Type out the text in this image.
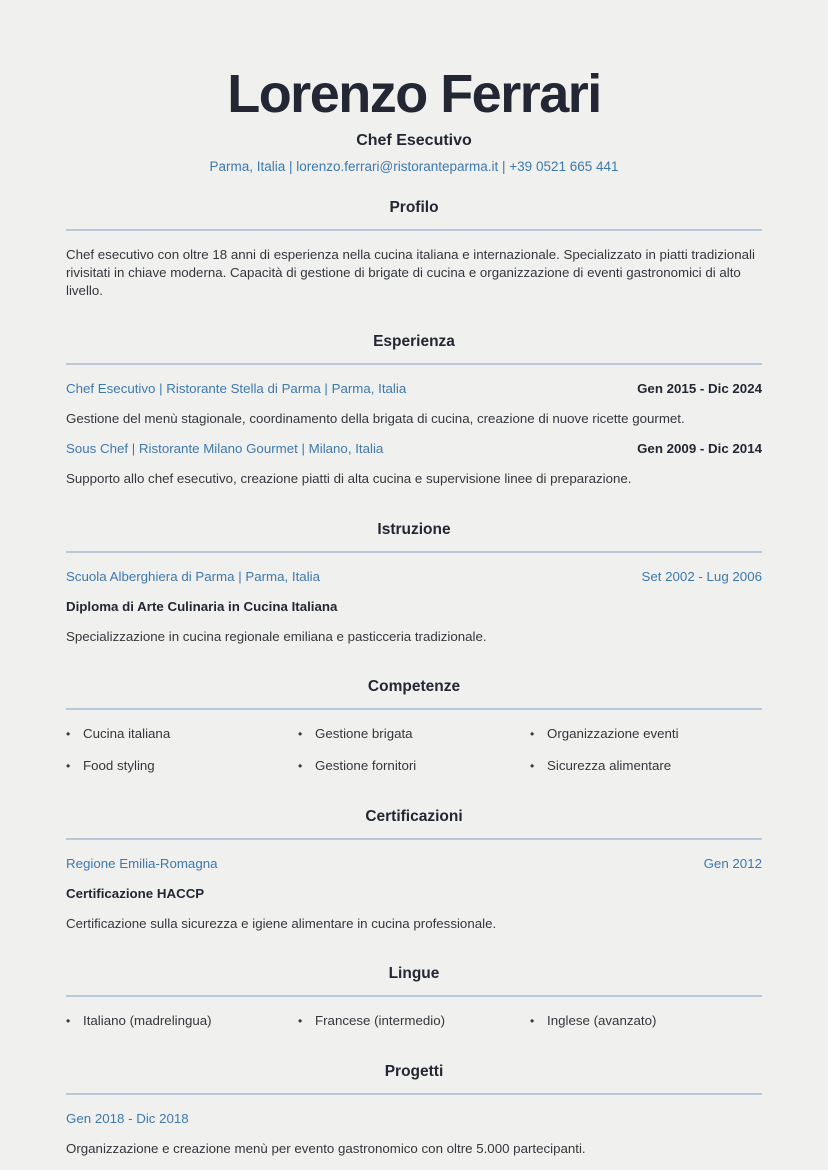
Lorenzo Ferrari
Chef Esecutivo
Parma, Italia | lorenzo.ferrari@ristoranteparma.it | +39 0521 665 441
Profilo

Chef esecutivo con oltre 18 anni di esperienza nella cucina italiana e internazionale. Specializzato in piatti tradizionali rivisitati in chiave moderna. Capacità di gestione di brigate di cucina e organizzazione di eventi gastronomici di alto livello.

Esperienza
Chef Esecutivo | Ristorante Stella di Parma | Parma, Italia	Gen 2015 - Dic 2024
Gestione del menù stagionale, coordinamento della brigata di cucina, creazione di nuove ricette gourmet.
Sous Chef | Ristorante Milano Gourmet | Milano, Italia	Gen 2009 - Dic 2014
Supporto allo chef esecutivo, creazione piatti di alta cucina e supervisione linee di preparazione.
Istruzione
Scuola Alberghiera di Parma | Parma, Italia	Set 2002 - Lug 2006
Diploma di Arte Culinaria in Cucina Italiana
Specializzazione in cucina regionale emiliana e pasticceria tradizionale.
Competenze
• Cucina italiana	• Gestione brigata	• Organizzazione eventi
• Food styling	• Gestione fornitori	• Sicurezza alimentare
Certificazioni
Regione Emilia-Romagna	Gen 2012
Certificazione HACCP
Certificazione sulla sicurezza e igiene alimentare in cucina professionale.
Lingue
• Italiano (madrelingua)	• Francese (intermedio)	• Inglese (avanzato)
Progetti
Gen 2018 - Dic 2018
Organizzazione e creazione menù per evento gastronomico con oltre 5.000 partecipanti.
